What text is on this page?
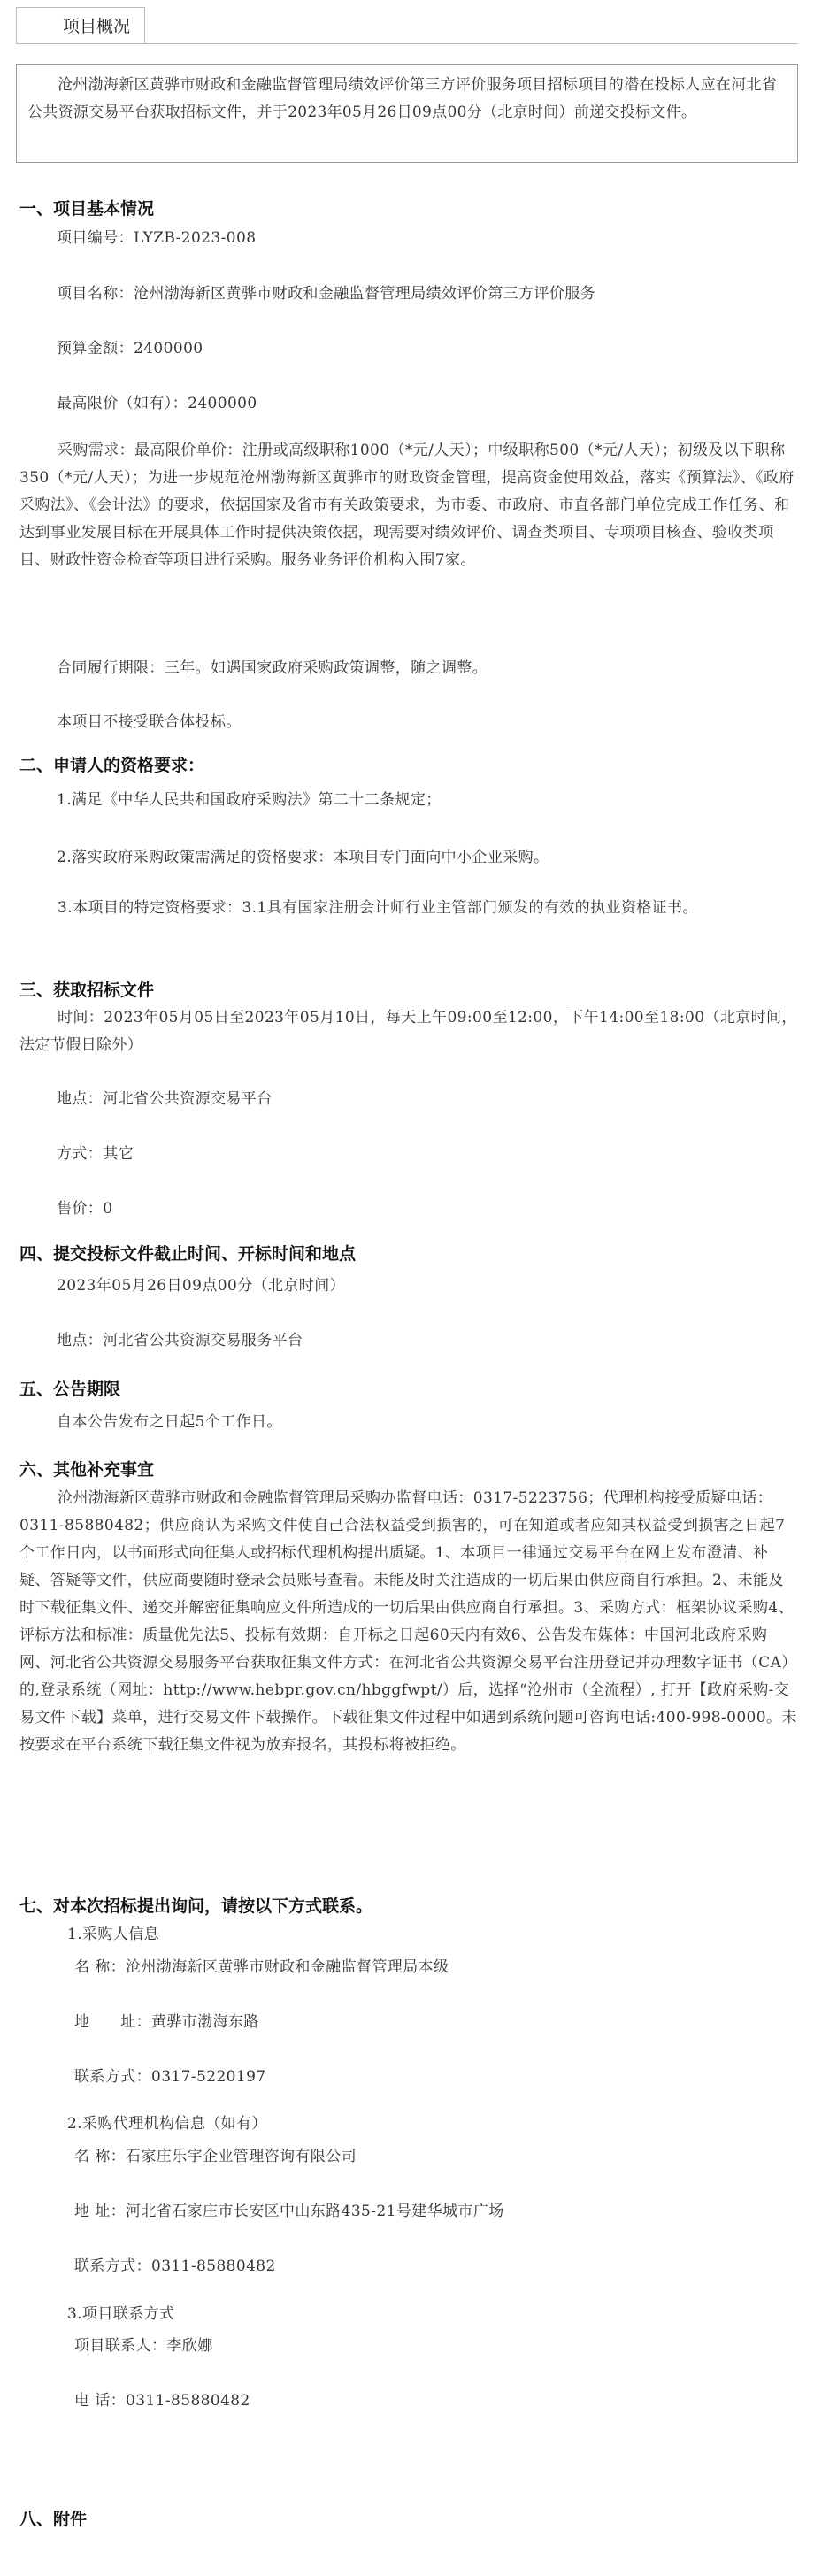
项目概况
沧州渤海新区黄骅市财政和金融监督管理局绩效评价第三方评价服务项目招标项目的潜在投标人应在河北省公共资源交易平台获取招标文件，并于2023年05月26日09点00分（北京时间）前递交投标文件。
一、项目基本情况
项目编号：LYZB-2023-008
项目名称：沧州渤海新区黄骅市财政和金融监督管理局绩效评价第三方评价服务
预算金额：2400000
最高限价（如有）：2400000
采购需求：最高限价单价：注册或高级职称1000（*元/人天）；中级职称500（*元/人天）；初级及以下职称350（*元/人天）；为进一步规范沧州渤海新区黄骅市的财政资金管理，提高资金使用效益，落实《预算法》、《政府采购法》、《会计法》的要求，依据国家及省市有关政策要求，为市委、市政府、市直各部门单位完成工作任务、和达到事业发展目标在开展具体工作时提供决策依据，现需要对绩效评价、调查类项目、专项项目核查、验收类项目、财政性资金检查等项目进行采购。服务业务评价机构入围7家。
合同履行期限：三年。如遇国家政府采购政策调整，随之调整。
本项目不接受联合体投标。
二、申请人的资格要求：
1.满足《中华人民共和国政府采购法》第二十二条规定；
2.落实政府采购政策需满足的资格要求：本项目专门面向中小企业采购。
3.本项目的特定资格要求：3.1具有国家注册会计师行业主管部门颁发的有效的执业资格证书。
三、获取招标文件
时间：2023年05月05日至2023年05月10日，每天上午09:00至12:00，下午14:00至18:00（北京时间，法定节假日除外）
地点：河北省公共资源交易平台
方式：其它
售价：0
四、提交投标文件截止时间、开标时间和地点
2023年05月26日09点00分（北京时间）
地点：河北省公共资源交易服务平台
五、公告期限
自本公告发布之日起5个工作日。
六、其他补充事宜
沧州渤海新区黄骅市财政和金融监督管理局采购办监督电话：0317-5223756；代理机构接受质疑电话：0311-85880482；供应商认为采购文件使自己合法权益受到损害的，可在知道或者应知其权益受到损害之日起7个工作日内，以书面形式向征集人或招标代理机构提出质疑。1、本项目一律通过交易平台在网上发布澄清、补疑、答疑等文件，供应商要随时登录会员账号查看。未能及时关注造成的一切后果由供应商自行承担。2、未能及时下载征集文件、递交并解密征集响应文件所造成的一切后果由供应商自行承担。3、采购方式：框架协议采购4、评标方法和标准：质量优先法5、投标有效期：自开标之日起60天内有效6、公告发布媒体：中国河北政府采购网、河北省公共资源交易服务平台获取征集文件方式：在河北省公共资源交易平台注册登记并办理数字证书（CA）的,登录系统（网址：http://www.hebpr.gov.cn/hbggfwpt/）后，选择“沧州市（全流程）, 打开【政府采购-交易文件下载】菜单，进行交易文件下载操作。下载征集文件过程中如遇到系统问题可咨询电话:400-998-0000。未按要求在平台系统下载征集文件视为放弃报名，其投标将被拒绝。
七、对本次招标提出询问，请按以下方式联系。
1.采购人信息
名 称：沧州渤海新区黄骅市财政和金融监督管理局本级
地　　址：黄骅市渤海东路
联系方式：0317-5220197
2.采购代理机构信息（如有）
名 称：石家庄乐宇企业管理咨询有限公司
地 址：河北省石家庄市长安区中山东路435-21号建华城市广场
联系方式：0311-85880482
3.项目联系方式
项目联系人：李欣娜
电 话：0311-85880482
八、附件
